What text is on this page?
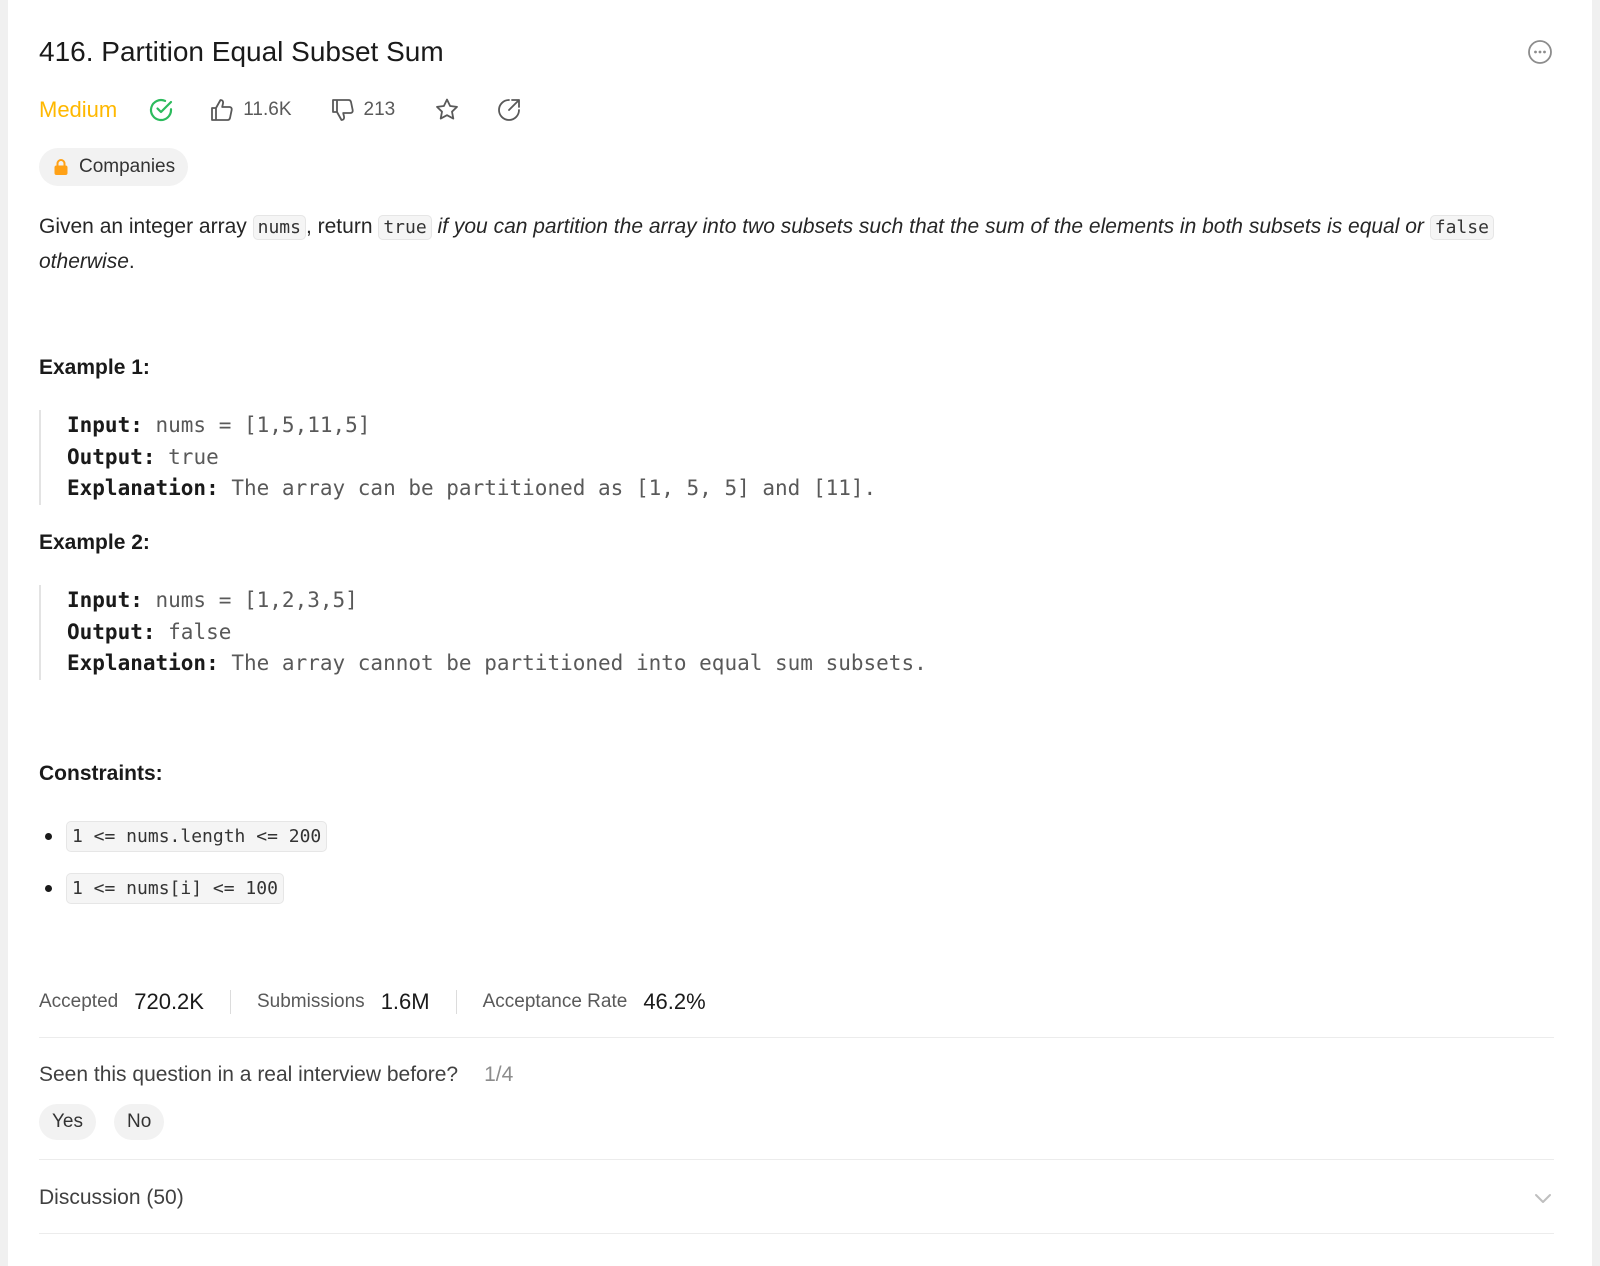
416. Partition Equal Subset Sum
Medium	11.6K	213
Companies
Given an integer array nums , return true if you can partition the array into two subsets such that the sum of the elements in both subsets is equal or false otherwise.
Example 1:
Input: nums = [1,5,11,5]
Output: true
Explanation: The array can be partitioned as [1, 5, 5] and [11].
Example 2:
Input: nums = [1,2,3,5]
Output: false
Explanation: The array cannot be partitioned into equal sum subsets.
Constraints:
1 <= nums.length <= 200
1 <= nums[i] <= 100
Accepted 720.2K	Submissions 1.6M	Acceptance Rate 46.2%
Seen this question in a real interview before? 1/4
Yes	No
Discussion (50)
